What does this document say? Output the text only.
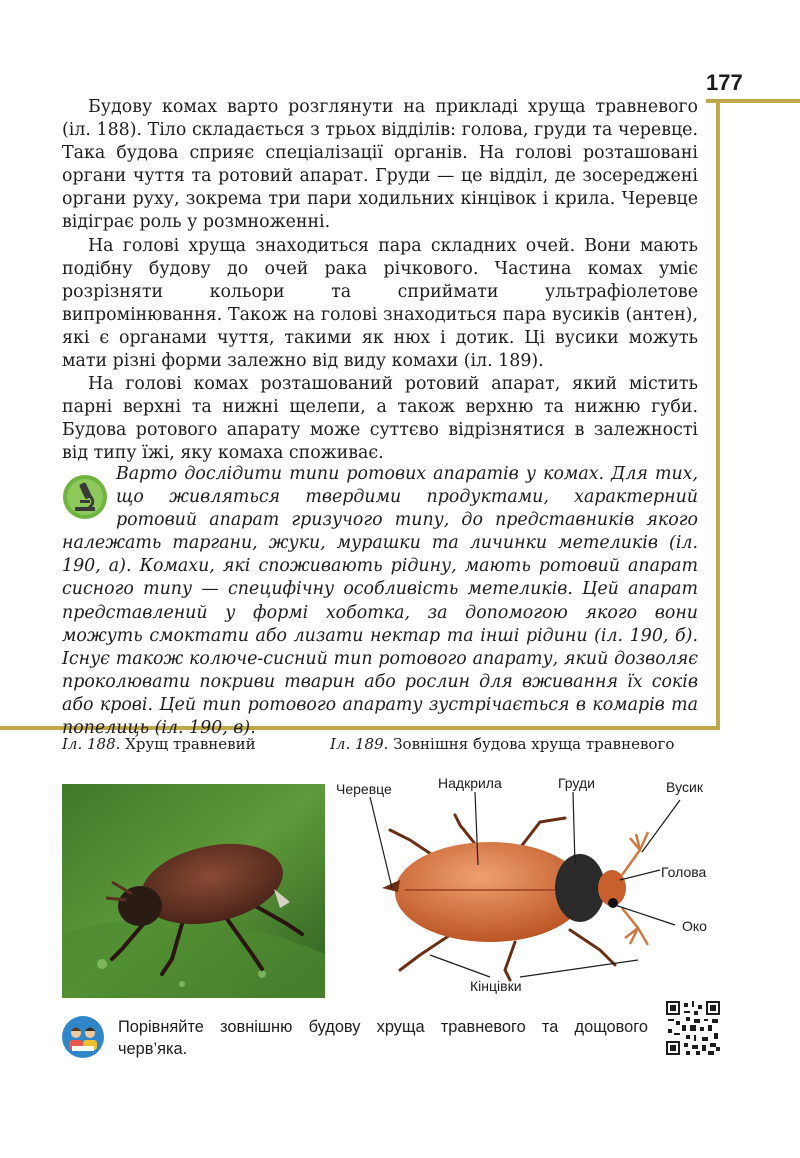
177

Будову комах варто розглянути на прикладі хруща травневого (іл. 188). Тіло складається з трьох відділів: голова, груди та черевце. Така будова сприяє спеціалізації органів. На голові розташовані органи чуття та ротовий апарат. Груди — це відділ, де зосереджені органи руху, зокрема три пари ходильних кінцівок і крила. Черевце відіграє роль у розмноженні.

На голові хруща знаходиться пара складних очей. Вони мають подібну будову до очей рака річкового. Частина комах уміє розрізняти кольори та сприймати ультрафіолетове випромінювання. Також на голові знаходиться пара вусиків (антен), які є органами чуття, такими як нюх і дотик. Ці вусики можуть мати різні форми залежно від виду комахи (іл. 189).

На голові комах розташований ротовий апарат, який містить парні верхні та нижні щелепи, а також верхню та нижню губи. Будова ротового апарату може суттєво відрізнятися в залежності від типу їжі, яку комаха споживає.

Варто дослідити типи ротових апаратів у комах. Для тих, що живляться твердими продуктами, характерний ротовий апарат гризучого типу, до представників якого належать таргани, жуки, мурашки та личинки метеликів (іл. 190, а). Комахи, які споживають рідину, мають ротовий апарат сисного типу — специфічну особливість метеликів. Цей апарат представлений у формі хоботка, за допомогою якого вони можуть смоктати або лизати нектар та інші рідини (іл. 190, б). Існує також колюче-сисний тип ротового апарату, який дозволяє проколювати покриви тварин або рослин для вживання їх соків або крові. Цей тип ротового апарату зустрічається в комарів та попелиць (іл. 190, в).
Іл. 188. Хрущ травневий	Іл. 189. Зовнішня будова хруща травневого
Черевце	Надкрила	Груди	Вусик
Голова
Око
Кінцівки

Порівняйте зовнішню будову хруща травневого та дощового черв’яка.
